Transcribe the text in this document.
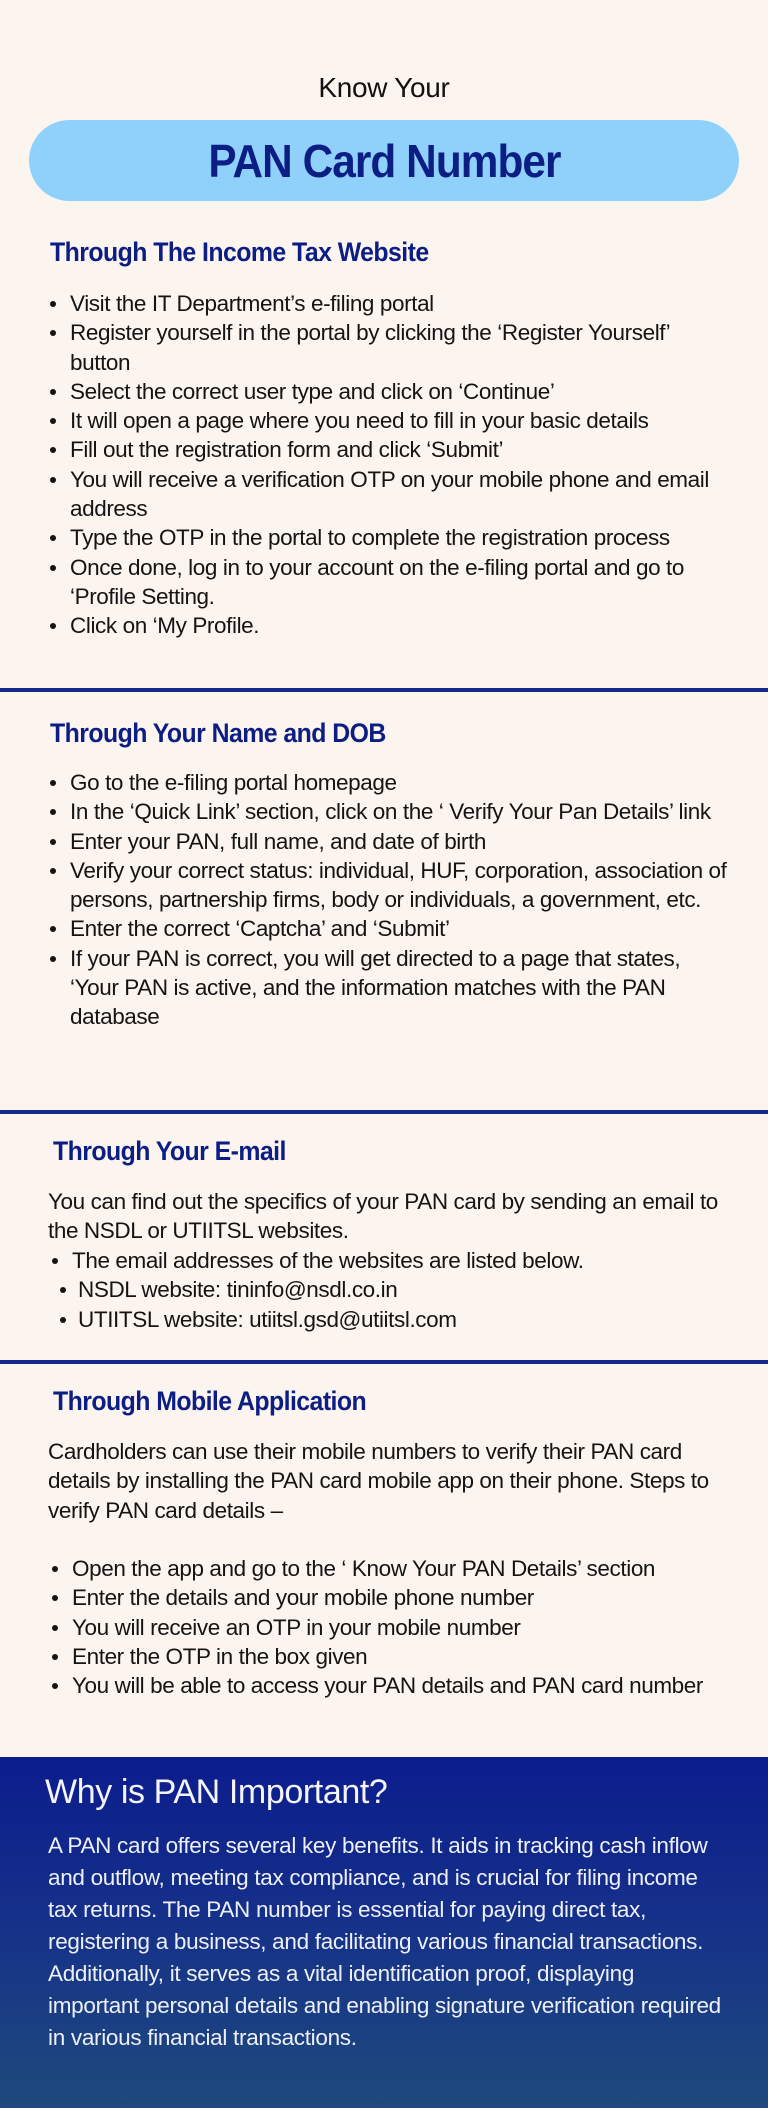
Know Your
PAN Card Number
Through The Income Tax Website
Visit the IT Department’s e-filing portal
Register yourself in the portal by clicking the ‘Register Yourself’ button
Select the correct user type and click on ‘Continue’
It will open a page where you need to fill in your basic details
Fill out the registration form and click ‘Submit’
You will receive a verification OTP on your mobile phone and email address
Type the OTP in the portal to complete the registration process
Once done, log in to your account on the e-filing portal and go to ‘Profile Setting.
Click on ‘My Profile.
Through Your Name and DOB
Go to the e-filing portal homepage
In the ‘Quick Link’ section, click on the ‘ Verify Your Pan Details’ link
Enter your PAN, full name, and date of birth
Verify your correct status: individual, HUF, corporation, association of persons, partnership firms, body or individuals, a government, etc.
Enter the correct ‘Captcha’ and ‘Submit’
If your PAN is correct, you will get directed to a page that states, ‘Your PAN is active, and the information matches with the PAN database
Through Your E-mail
You can find out the specifics of your PAN card by sending an email to the NSDL or UTIITSL websites.
The email addresses of the websites are listed below.
NSDL website: tininfo@nsdl.co.in
UTIITSL website: utiitsl.gsd@utiitsl.com
Through Mobile Application
Cardholders can use their mobile numbers to verify their PAN card details by installing the PAN card mobile app on their phone. Steps to verify PAN card details –
Open the app and go to the ‘ Know Your PAN Details’ section
Enter the details and your mobile phone number
You will receive an OTP in your mobile number
Enter the OTP in the box given
You will be able to access your PAN details and PAN card number
Why is PAN Important?
A PAN card offers several key benefits. It aids in tracking cash inflow and outflow, meeting tax compliance, and is crucial for filing income tax returns. The PAN number is essential for paying direct tax, registering a business, and facilitating various financial transactions. Additionally, it serves as a vital identification proof, displaying important personal details and enabling signature verification required in various financial transactions.
